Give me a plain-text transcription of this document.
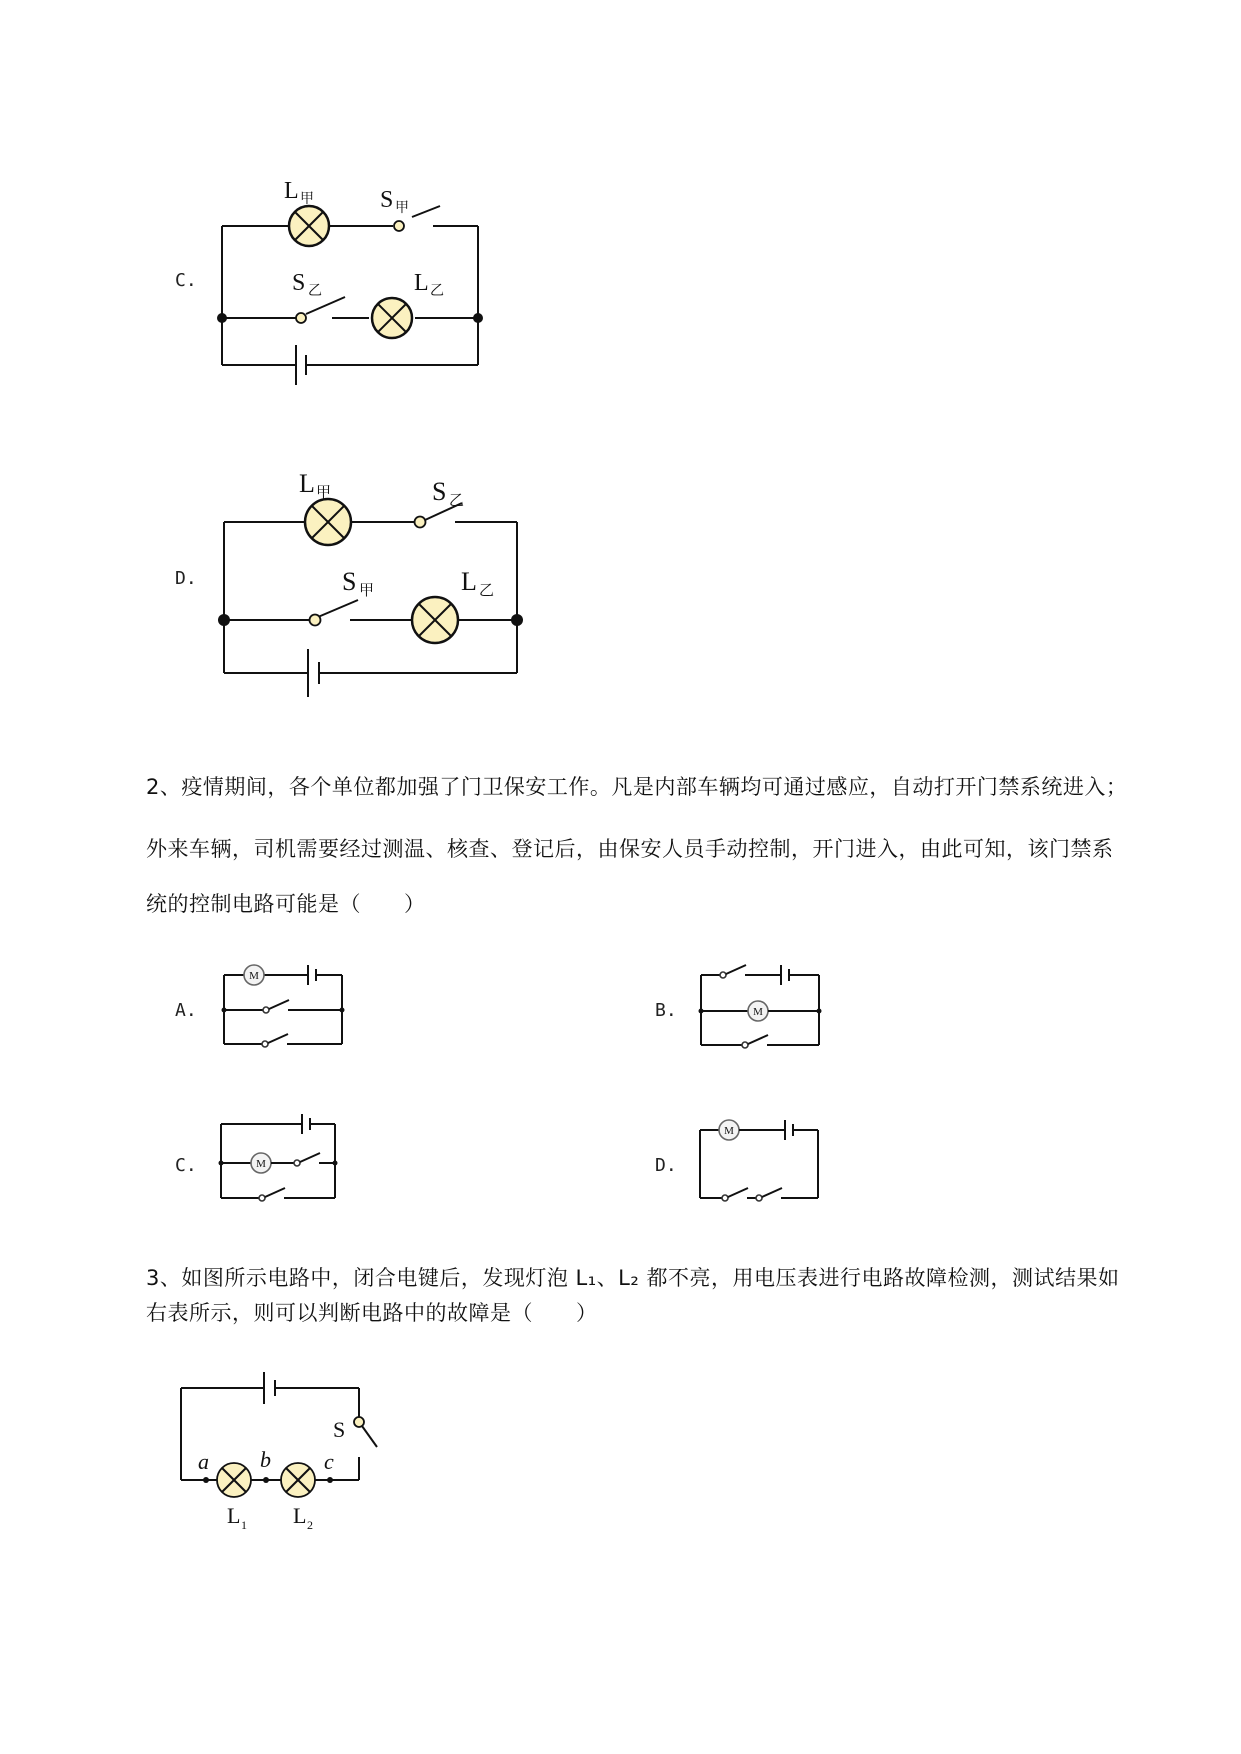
C.
L 甲	S 甲
S 乙	L 乙
D.
L 甲	S 乙
S 甲	L 乙
2、疫情期间，各个单位都加强了门卫保安工作。凡是内部车辆均可通过感应，自动打开门禁系统进入；
外来车辆，司机需要经过测温、核查、登记后，由保安人员手动控制，开门进入，由此可知，该门禁系
统的控制电路可能是（　　）
A.
M
B.	M
C.	M	D.
M
3、如图所示电路中，闭合电键后，发现灯泡 L₁、L₂ 都不亮，用电压表进行电路故障检测，测试结果如
右表所示，则可以判断电路中的故障是（　　）
S
a b c
L 1 L 2
